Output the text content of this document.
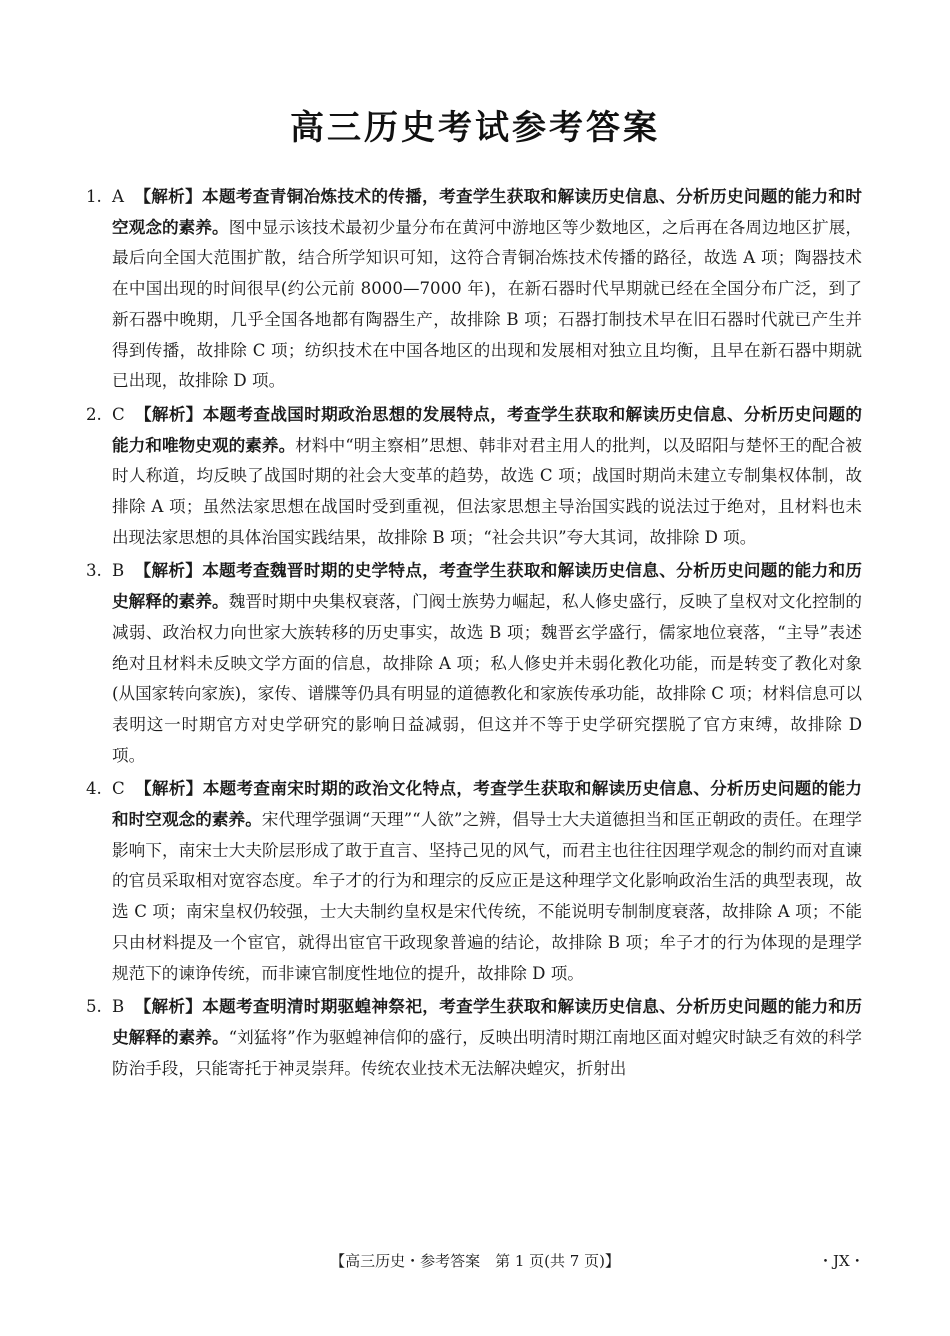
高三历史考试参考答案
1. A 【解析】本题考查青铜冶炼技术的传播，考查学生获取和解读历史信息、分析历史问题的能力和时空观念的素养。图中显示该技术最初少量分布在黄河中游地区等少数地区，之后再在各周边地区扩展，最后向全国大范围扩散，结合所学知识可知，这符合青铜冶炼技术传播的路径，故选 A 项；陶器技术在中国出现的时间很早(约公元前 8000—7000 年)，在新石器时代早期就已经在全国分布广泛，到了新石器中晚期，几乎全国各地都有陶器生产，故排除 B 项；石器打制技术早在旧石器时代就已产生并得到传播，故排除 C 项；纺织技术在中国各地区的出现和发展相对独立且均衡，且早在新石器中期就已出现，故排除 D 项。
2. C 【解析】本题考查战国时期政治思想的发展特点，考查学生获取和解读历史信息、分析历史问题的能力和唯物史观的素养。材料中“明主察相”思想、韩非对君主用人的批判，以及昭阳与楚怀王的配合被时人称道，均反映了战国时期的社会大变革的趋势，故选 C 项；战国时期尚未建立专制集权体制，故排除 A 项；虽然法家思想在战国时受到重视，但法家思想主导治国实践的说法过于绝对，且材料也未出现法家思想的具体治国实践结果，故排除 B 项；“社会共识”夸大其词，故排除 D 项。
3. B 【解析】本题考查魏晋时期的史学特点，考查学生获取和解读历史信息、分析历史问题的能力和历史解释的素养。魏晋时期中央集权衰落，门阀士族势力崛起，私人修史盛行，反映了皇权对文化控制的减弱、政治权力向世家大族转移的历史事实，故选 B 项；魏晋玄学盛行，儒家地位衰落，“主导”表述绝对且材料未反映文学方面的信息，故排除 A 项；私人修史并未弱化教化功能，而是转变了教化对象(从国家转向家族)，家传、谱牒等仍具有明显的道德教化和家族传承功能，故排除 C 项；材料信息可以表明这一时期官方对史学研究的影响日益减弱，但这并不等于史学研究摆脱了官方束缚，故排除 D 项。
4. C 【解析】本题考查南宋时期的政治文化特点，考查学生获取和解读历史信息、分析历史问题的能力和时空观念的素养。宋代理学强调“天理”“人欲”之辨，倡导士大夫道德担当和匡正朝政的责任。在理学影响下，南宋士大夫阶层形成了敢于直言、坚持己见的风气，而君主也往往因理学观念的制约而对直谏的官员采取相对宽容态度。牟子才的行为和理宗的反应正是这种理学文化影响政治生活的典型表现，故选 C 项；南宋皇权仍较强，士大夫制约皇权是宋代传统，不能说明专制制度衰落，故排除 A 项；不能只由材料提及一个宦官，就得出宦官干政现象普遍的结论，故排除 B 项；牟子才的行为体现的是理学规范下的谏诤传统，而非谏官制度性地位的提升，故排除 D 项。
5. B 【解析】本题考查明清时期驱蝗神祭祀，考查学生获取和解读历史信息、分析历史问题的能力和历史解释的素养。“刘猛将”作为驱蝗神信仰的盛行，反映出明清时期江南地区面对蝗灾时缺乏有效的科学防治手段，只能寄托于神灵崇拜。传统农业技术无法解决蝗灾，折射出
【高三历史・参考答案　第 1 页(共 7 页)】	・JX・
